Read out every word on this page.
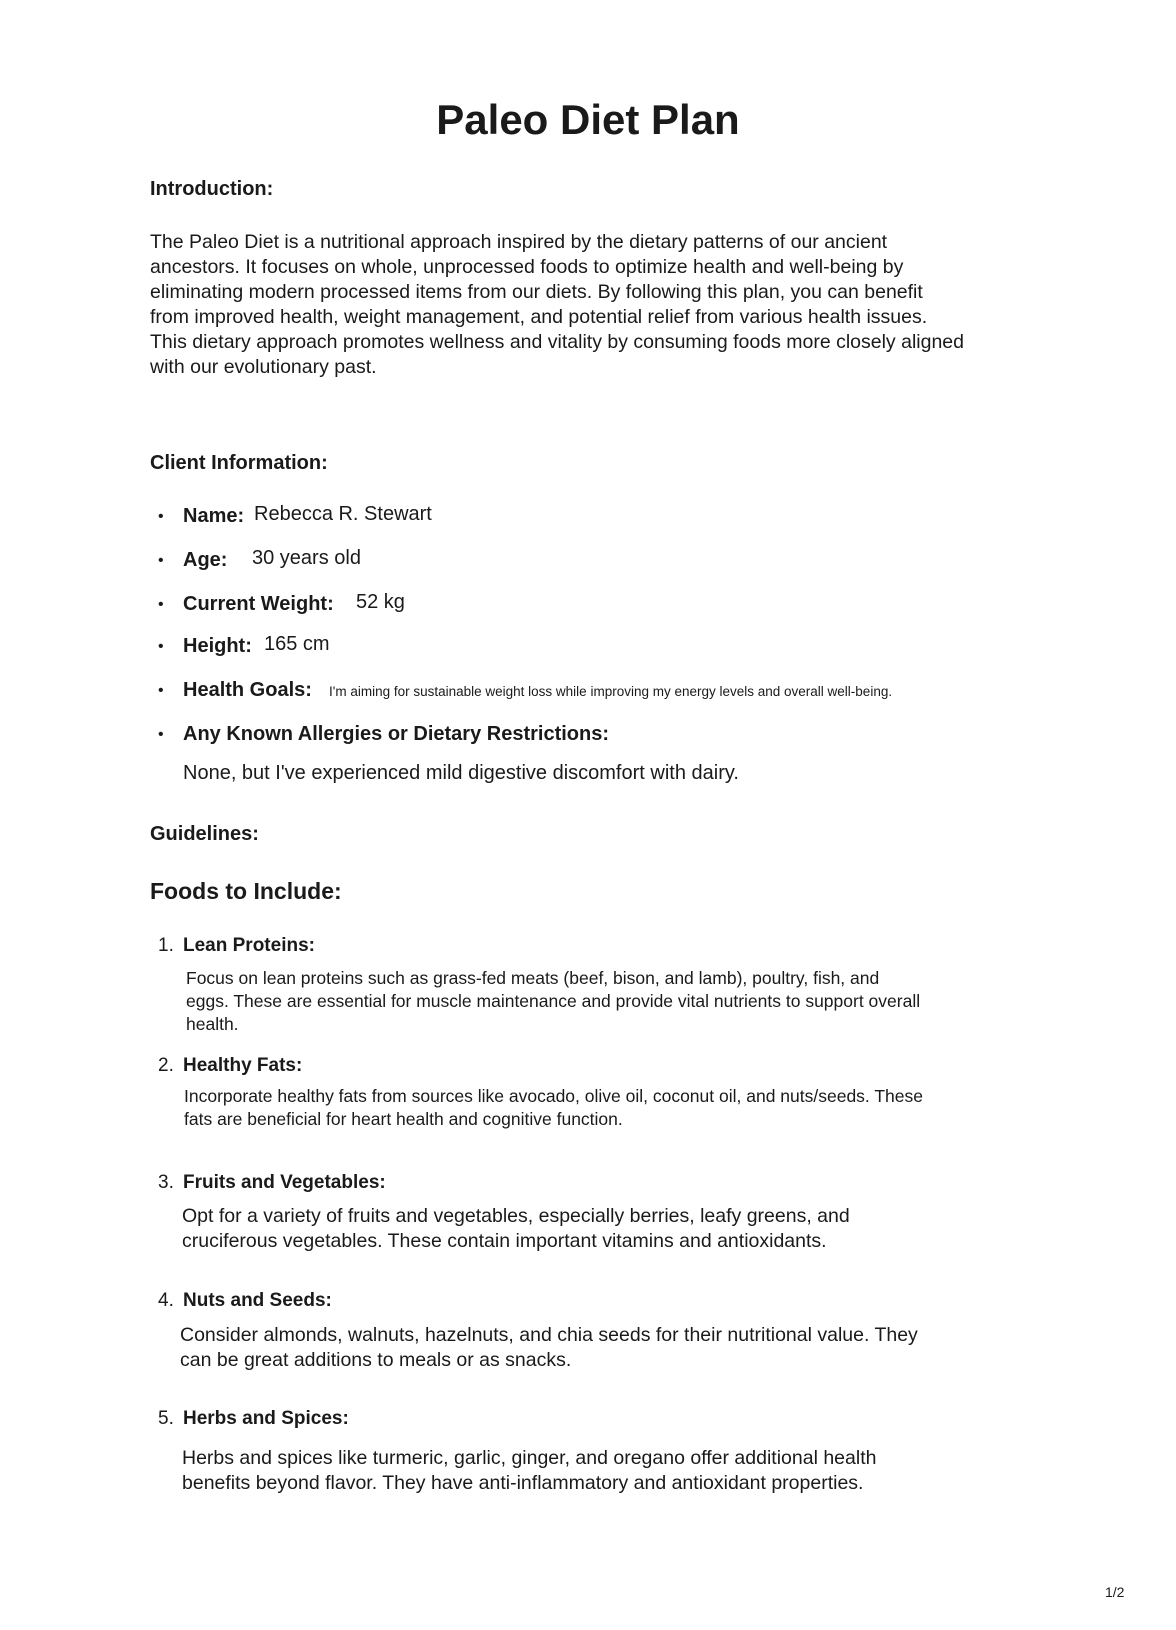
Paleo Diet Plan
Introduction:
The Paleo Diet is a nutritional approach inspired by the dietary patterns of our ancient
ancestors. It focuses on whole, unprocessed foods to optimize health and well-being by
eliminating modern processed items from our diets. By following this plan, you can benefit
from improved health, weight management, and potential relief from various health issues.
This dietary approach promotes wellness and vitality by consuming foods more closely aligned
with our evolutionary past.
Client Information:
• Name: Rebecca R. Stewart
• Age: 30 years old
• Current Weight: 52 kg
• Height: 165 cm
• Health Goals: I'm aiming for sustainable weight loss while improving my energy levels and overall well-being.
• Any Known Allergies or Dietary Restrictions:
None, but I've experienced mild digestive discomfort with dairy.
Guidelines:
Foods to Include:
1. Lean Proteins:
Focus on lean proteins such as grass-fed meats (beef, bison, and lamb), poultry, fish, and
eggs. These are essential for muscle maintenance and provide vital nutrients to support overall
health.
2. Healthy Fats:
Incorporate healthy fats from sources like avocado, olive oil, coconut oil, and nuts/seeds. These
fats are beneficial for heart health and cognitive function.
3. Fruits and Vegetables:
Opt for a variety of fruits and vegetables, especially berries, leafy greens, and
cruciferous vegetables. These contain important vitamins and antioxidants.
4. Nuts and Seeds:
Consider almonds, walnuts, hazelnuts, and chia seeds for their nutritional value. They
can be great additions to meals or as snacks.
5. Herbs and Spices:
Herbs and spices like turmeric, garlic, ginger, and oregano offer additional health
benefits beyond flavor. They have anti-inflammatory and antioxidant properties.
1/2
